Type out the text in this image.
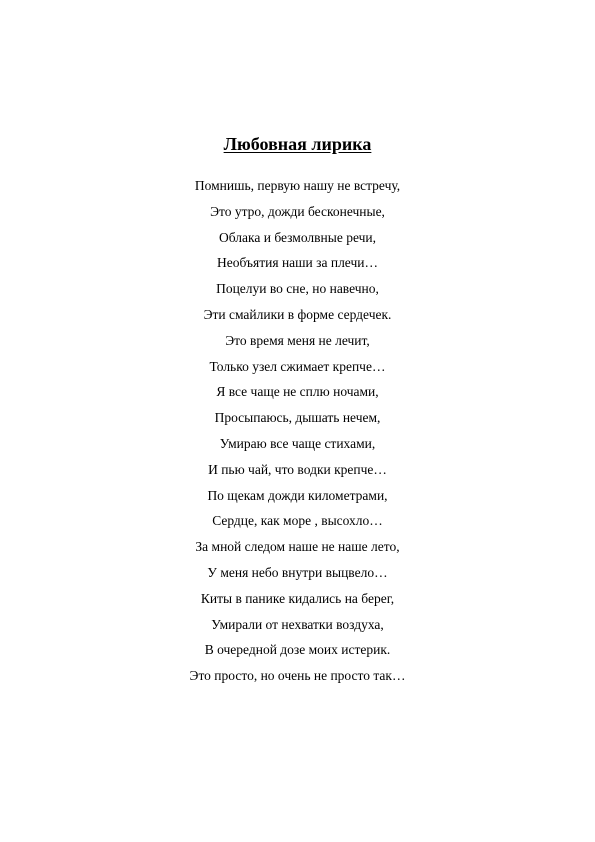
Любовная лирика
Помнишь, первую нашу не встречу,
Это утро, дожди бесконечные,
Облака и безмолвные речи,
Необъятия наши за плечи…
Поцелуи во сне, но навечно,
Эти смайлики в форме сердечек.
Это время меня не лечит,
Только узел сжимает крепче…
Я все чаще не сплю ночами,
Просыпаюсь, дышать нечем,
Умираю все чаще стихами,
И пью чай, что водки крепче…
По щекам дожди километрами,
Сердце, как море , высохло…
За мной следом наше не наше лето,
У меня небо внутри выцвело…
Киты в панике кидались на берег,
Умирали от нехватки воздуха,
В очередной дозе моих истерик.
Это просто, но очень не просто так…
